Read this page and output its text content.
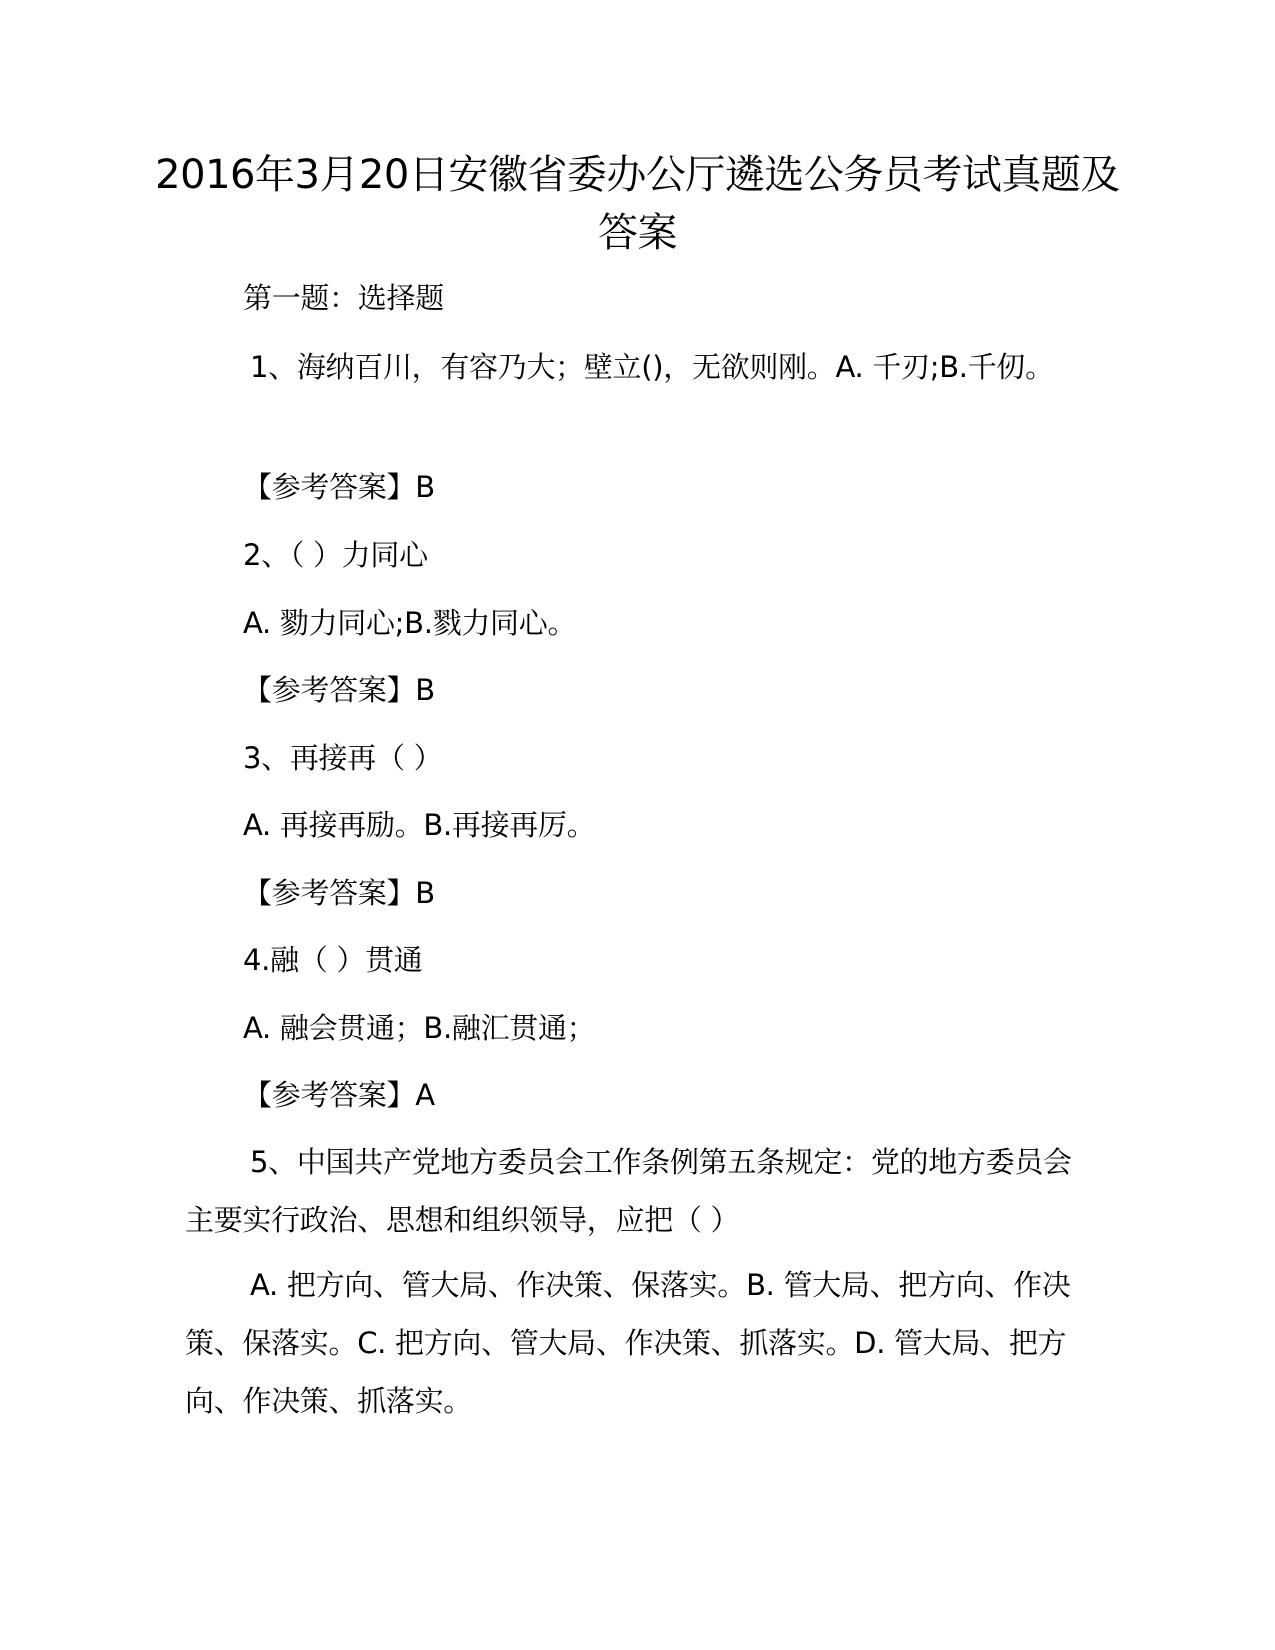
2016年3月20日安徽省委办公厅遴选公务员考试真题及答案
第一题：选择题
1、海纳百川，有容乃大；壁立()，无欲则刚。A. 千刃;B.千仞。
【参考答案】B
2、（ ）力同心
A. 勠力同心;B.戮力同心。
【参考答案】B
3、再接再（ ）
A. 再接再励。B.再接再厉。
【参考答案】B
4.融（ ）贯通
A. 融会贯通；B.融汇贯通；
【参考答案】A
5、中国共产党地方委员会工作条例第五条规定：党的地方委员会主要实行政治、思想和组织领导，应把（ ）
A. 把方向、管大局、作决策、保落实。B. 管大局、把方向、作决策、保落实。C. 把方向、管大局、作决策、抓落实。D. 管大局、把方向、作决策、抓落实。
